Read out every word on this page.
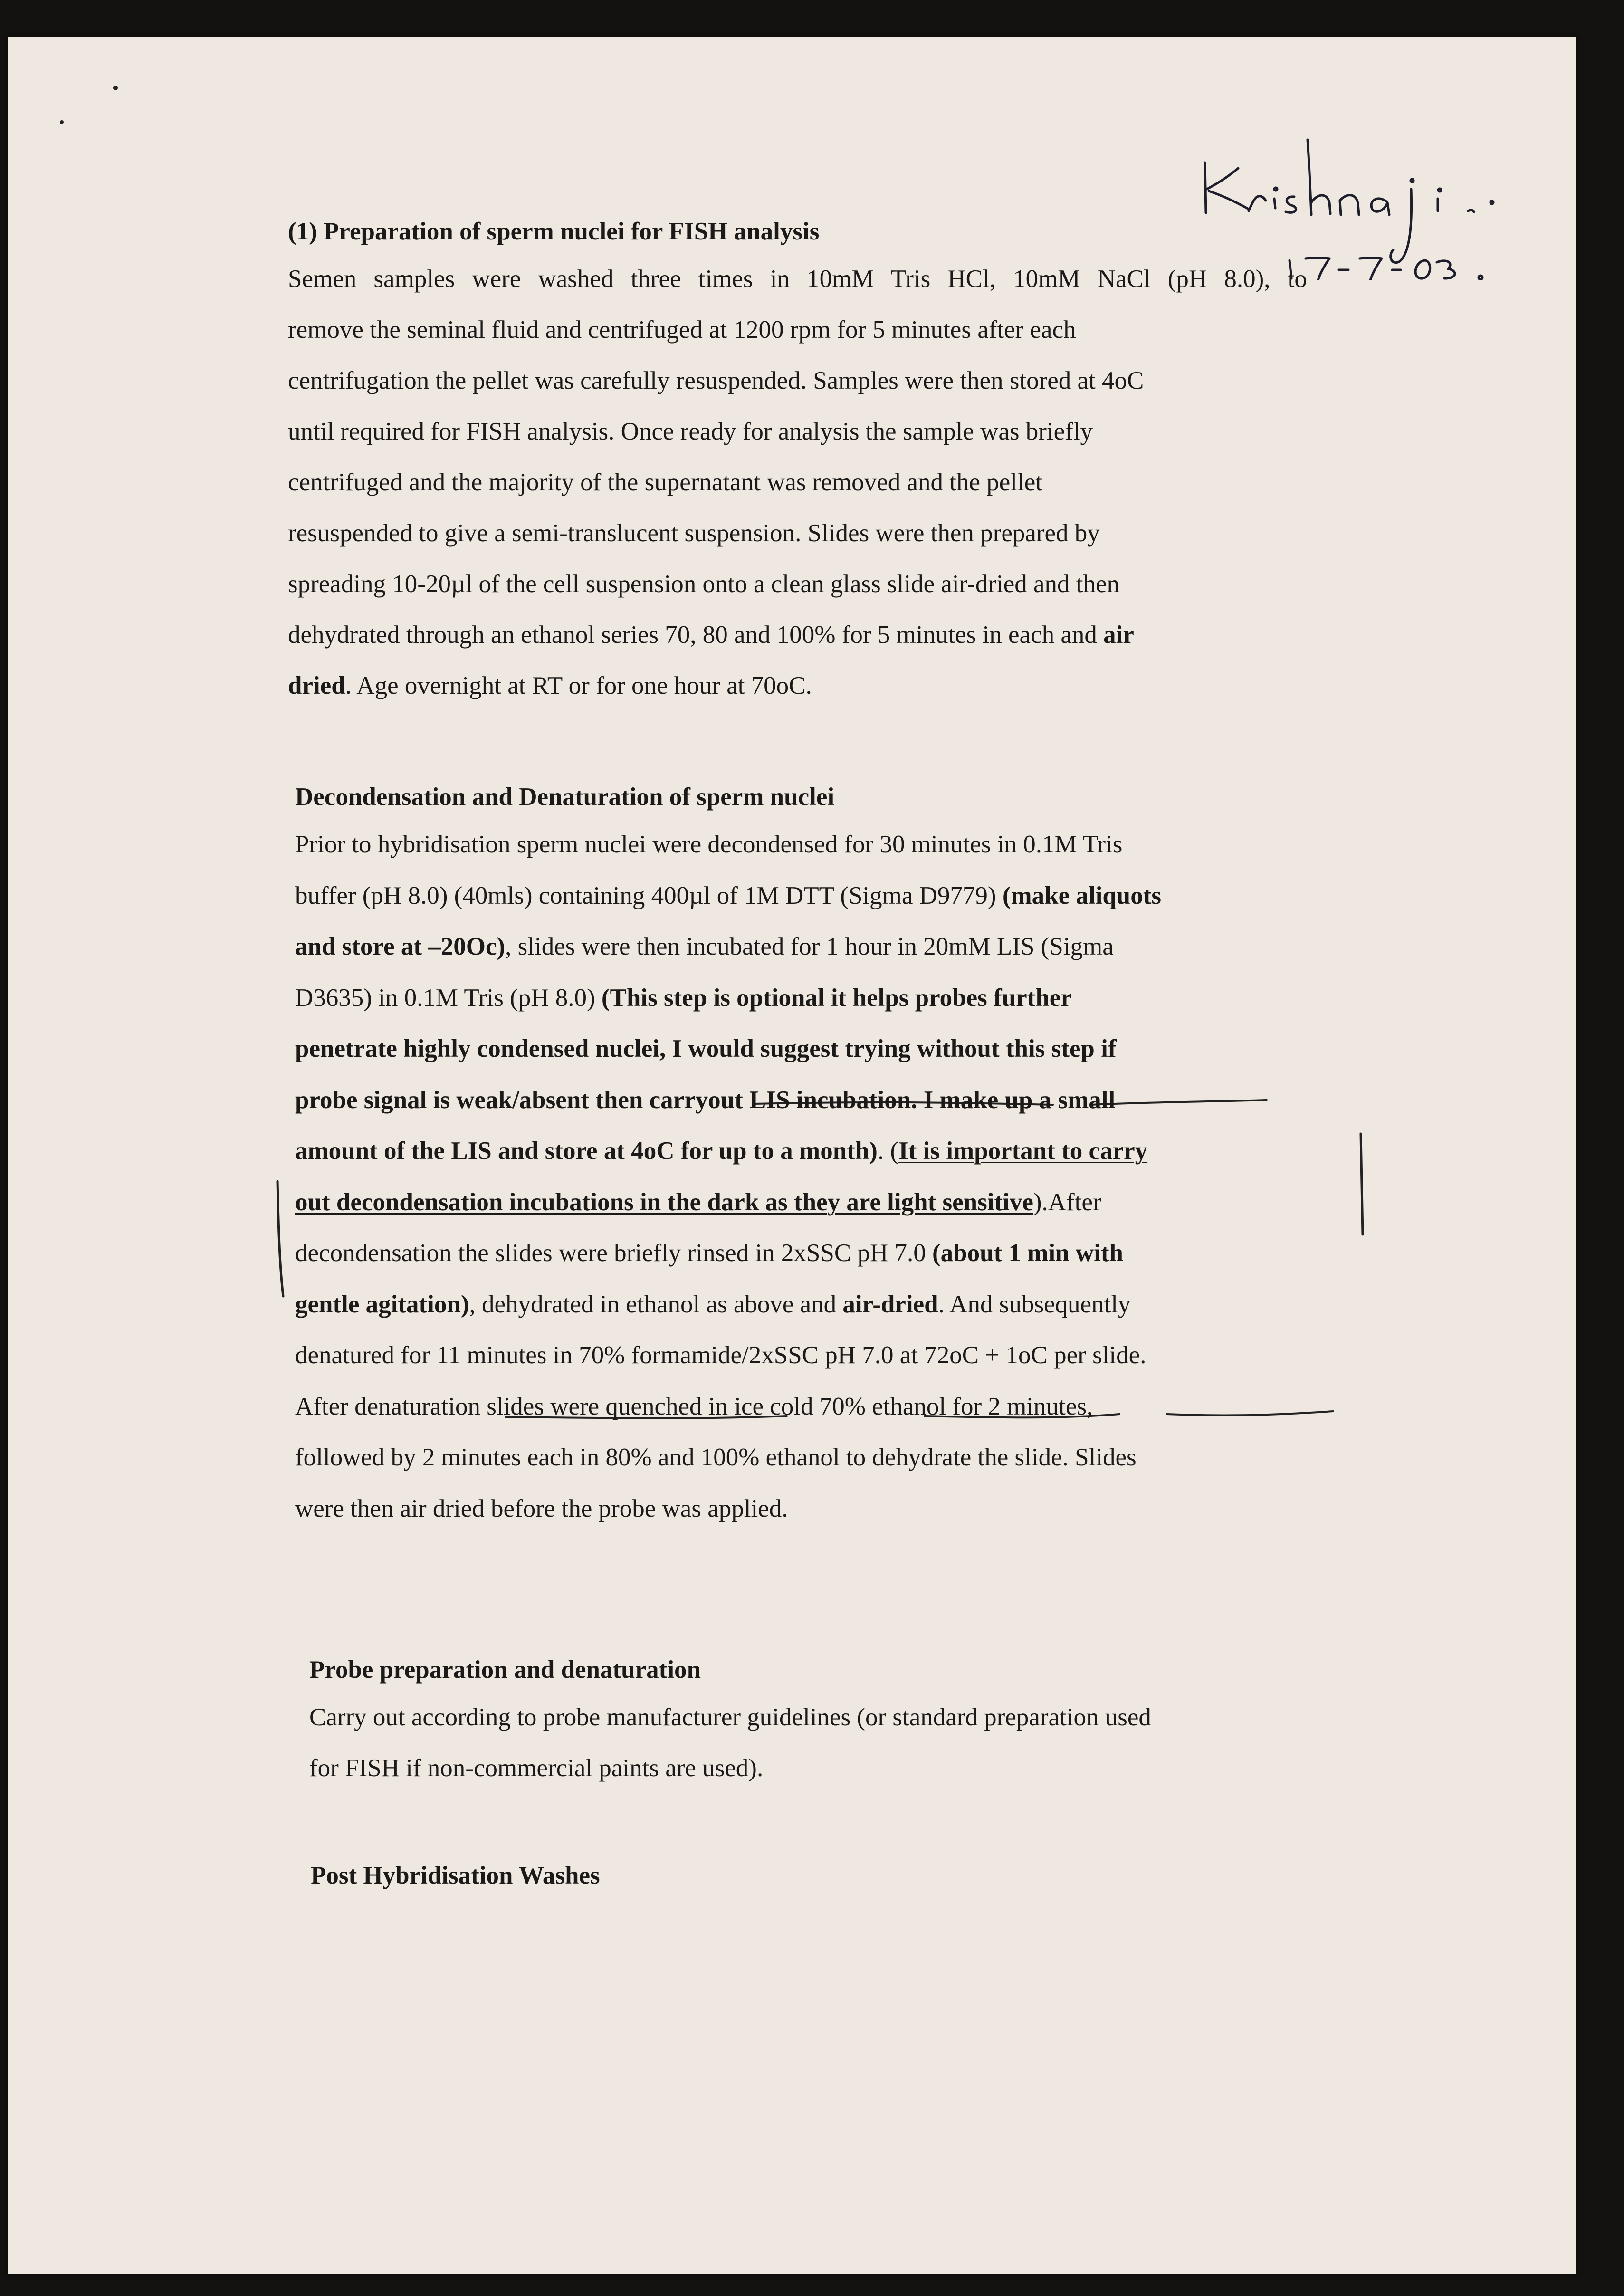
(1) Preparation of sperm nuclei for FISH analysis
Semen samples were washed three times in 10mM Tris HCl, 10mM NaCl (pH 8.0), to
remove the seminal fluid and centrifuged at 1200 rpm for 5 minutes after each
centrifugation the pellet was carefully resuspended. Samples were then stored at 4oC
until required for FISH analysis. Once ready for analysis the sample was briefly
centrifuged and the majority of the supernatant was removed and the pellet
resuspended to give a semi-translucent suspension. Slides were then prepared by
spreading 10-20µl of the cell suspension onto a clean glass slide air-dried and then
dehydrated through an ethanol series 70, 80 and 100% for 5 minutes in each and air
dried. Age overnight at RT or for one hour at 70oC.
Decondensation and Denaturation of sperm nuclei
Prior to hybridisation sperm nuclei were decondensed for 30 minutes in 0.1M Tris
buffer (pH 8.0) (40mls) containing 400µl of 1M DTT (Sigma D9779) (make aliquots
and store at –20Oc), slides were then incubated for 1 hour in 20mM LIS (Sigma
D3635) in 0.1M Tris (pH 8.0) (This step is optional it helps probes further
penetrate highly condensed nuclei, I would suggest trying without this step if
probe signal is weak/absent then carryout LIS incubation. I make up a small
amount of the LIS and store at 4oC for up to a month). (It is important to carry
out decondensation incubations in the dark as they are light sensitive).After
decondensation the slides were briefly rinsed in 2xSSC pH 7.0 (about 1 min with
gentle agitation), dehydrated in ethanol as above and air-dried. And subsequently
denatured for 11 minutes in 70% formamide/2xSSC pH 7.0 at 72oC + 1oC per slide.
After denaturation slides were quenched in ice cold 70% ethanol for 2 minutes,
followed by 2 minutes each in 80% and 100% ethanol to dehydrate the slide. Slides
were then air dried before the probe was applied.
Probe preparation and denaturation
Carry out according to probe manufacturer guidelines (or standard preparation used
for FISH if non-commercial paints are used).
Post Hybridisation Washes
